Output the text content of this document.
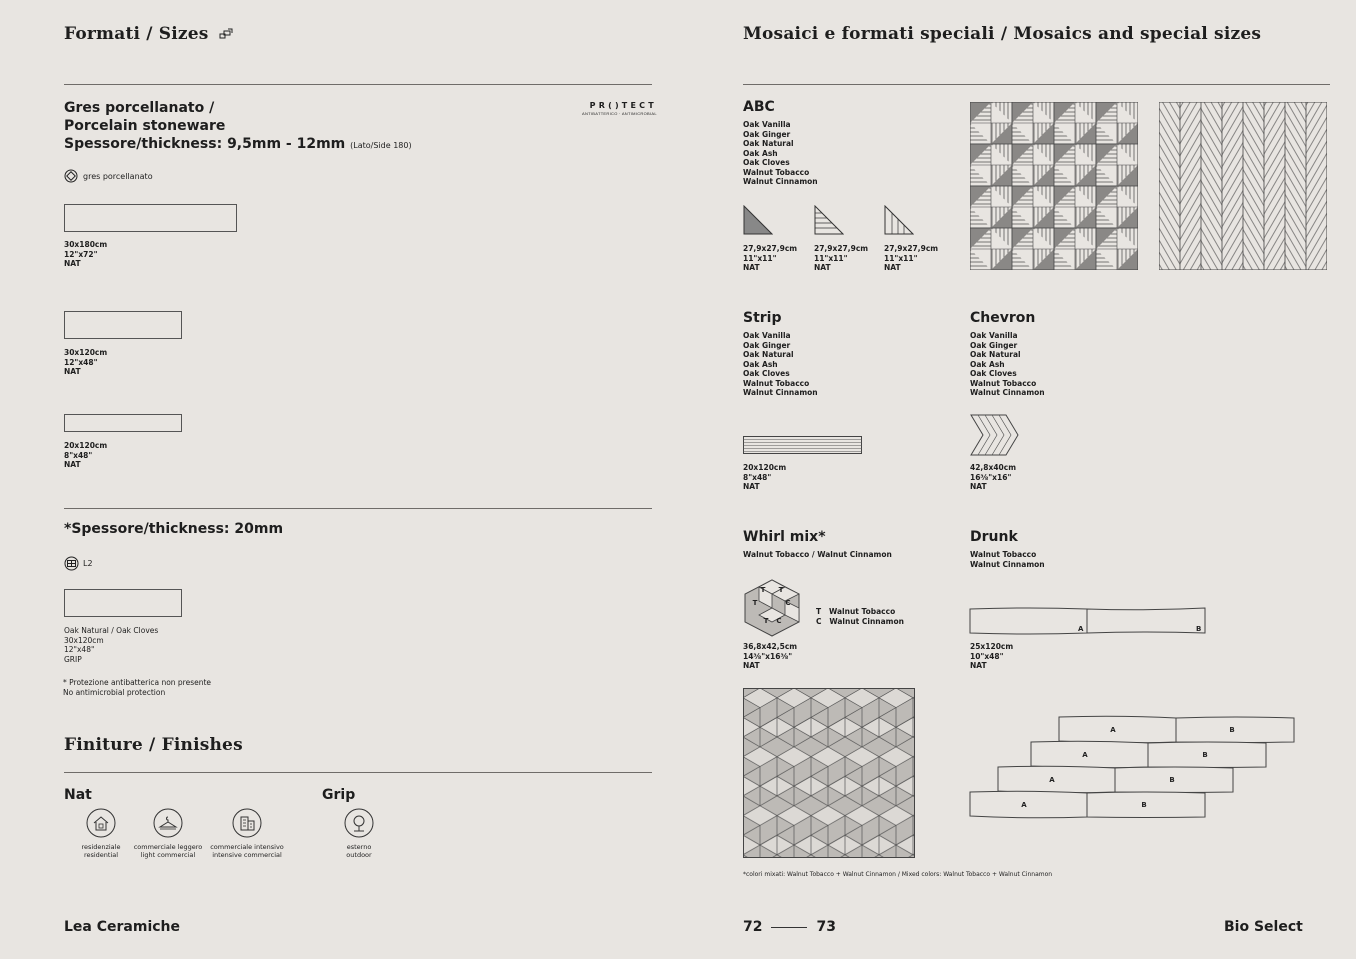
Formati / Sizes
Gres porcellanato /
Porcelain stoneware
Spessore/thickness: 9,5mm - 12mm (Lato/Side 180)
PR()TECT
ANTIBATTERICO · ANTIMICROBIAL
gres porcellanato
30x180cm
12"x72"
NAT
30x120cm
12"x48"
NAT
20x120cm
8"x48"
NAT
*Spessore/thickness: 20mm
L2
Oak Natural / Oak Cloves
30x120cm
12"x48"
GRIP
* Protezione antibatterica non presente
No antimicrobial protection
Finiture / Finishes
Nat	Grip
residenziale
residential
commerciale leggero
light commercial
commerciale intensivo
intensive commercial
esterno
outdoor
Mosaici e formati speciali / Mosaics and special sizes
ABC
Oak Vanilla
Oak Ginger
Oak Natural
Oak Ash
Oak Cloves
Walnut Tobacco
Walnut Cinnamon
27,9x27,9cm
11"x11"
NAT
27,9x27,9cm
11"x11"
NAT
27,9x27,9cm
11"x11"
NAT
Strip
Oak Vanilla
Oak Ginger
Oak Natural
Oak Ash
Oak Cloves
Walnut Tobacco
Walnut Cinnamon
20x120cm
8"x48"
NAT
Chevron
Oak Vanilla
Oak Ginger
Oak Natural
Oak Ash
Oak Cloves
Walnut Tobacco
Walnut Cinnamon
42,8x40cm
16³⁄₈"x16"
NAT
Whirl mix*
Walnut Tobacco / Walnut Cinnamon
T T
T	C
T C
T Walnut Tobacco
C Walnut Cinnamon
36,8x42,5cm
14³⁄₈"x16³⁄₈"
NAT
Drunk
Walnut Tobacco
Walnut Cinnamon
A	B
25x120cm
10"x48"
NAT
A	B
A	B
A	B
A	B
*colori mixati: Walnut Tobacco + Walnut Cinnamon / Mixed colors: Walnut Tobacco + Walnut Cinnamon
Lea Ceramiche	72	73	Bio Select
